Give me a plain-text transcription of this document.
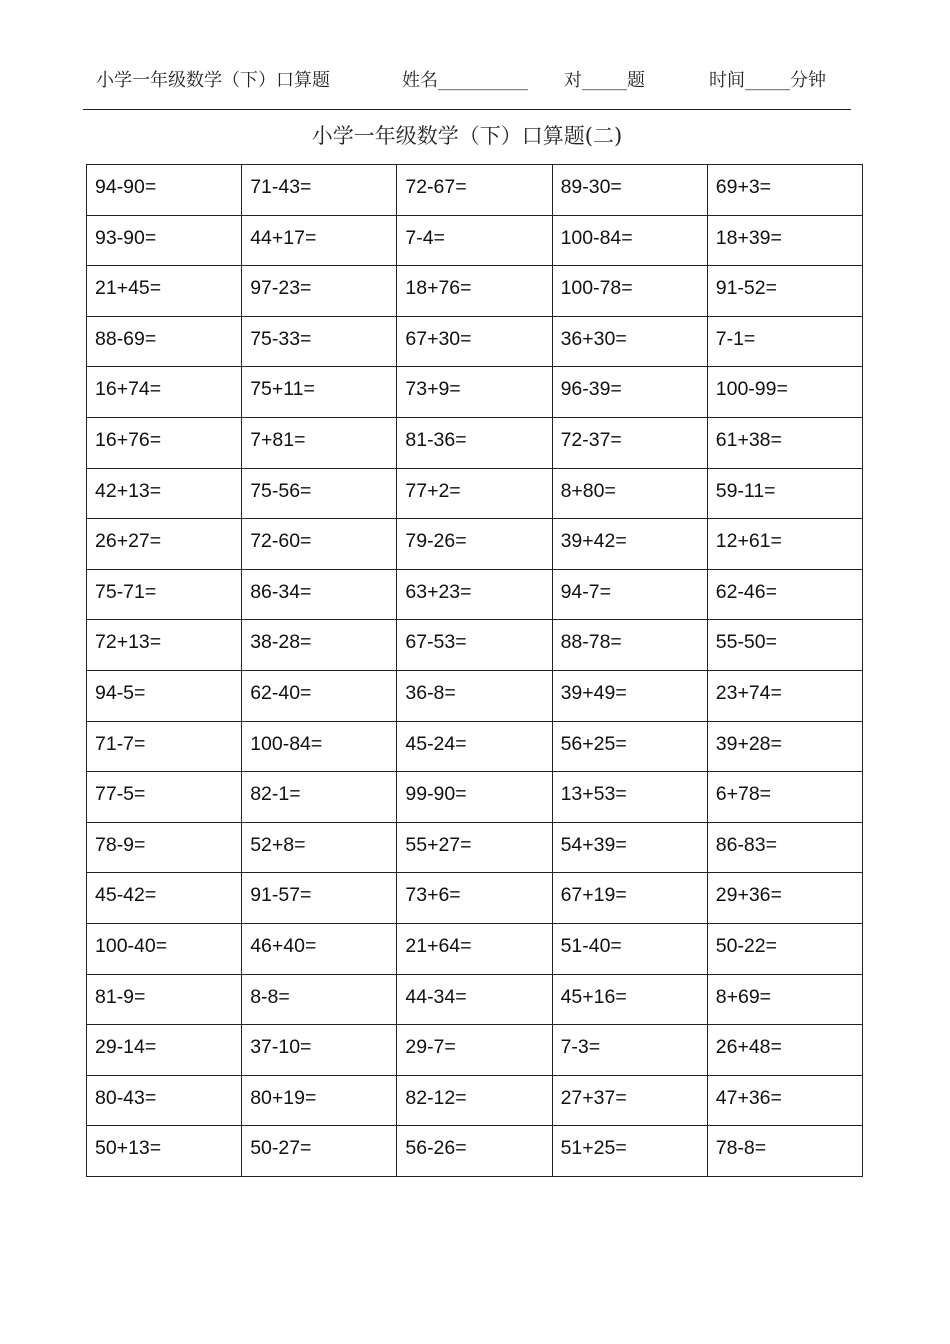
小学一年级数学（下）口算题	姓名__________ 对_____题	时间_____分钟
小学一年级数学（下）口算题(二)
94-90=	71-43=	72-67=	89-30=	69+3=
93-90=	44+17=	7-4=	100-84=	18+39=
21+45=	97-23=	18+76=	100-78=	91-52=
88-69=	75-33=	67+30=	36+30=	7-1=
16+74=	75+11=	73+9=	96-39=	100-99=
16+76=	7+81=	81-36=	72-37=	61+38=
42+13=	75-56=	77+2=	8+80=	59-11=
26+27=	72-60=	79-26=	39+42=	12+61=
75-71=	86-34=	63+23=	94-7=	62-46=
72+13=	38-28=	67-53=	88-78=	55-50=
94-5=	62-40=	36-8=	39+49=	23+74=
71-7=	100-84=	45-24=	56+25=	39+28=
77-5=	82-1=	99-90=	13+53=	6+78=
78-9=	52+8=	55+27=	54+39=	86-83=
45-42=	91-57=	73+6=	67+19=	29+36=
100-40=	46+40=	21+64=	51-40=	50-22=
81-9=	8-8=	44-34=	45+16=	8+69=
29-14=	37-10=	29-7=	7-3=	26+48=
80-43=	80+19=	82-12=	27+37=	47+36=
50+13=	50-27=	56-26=	51+25=	78-8=
